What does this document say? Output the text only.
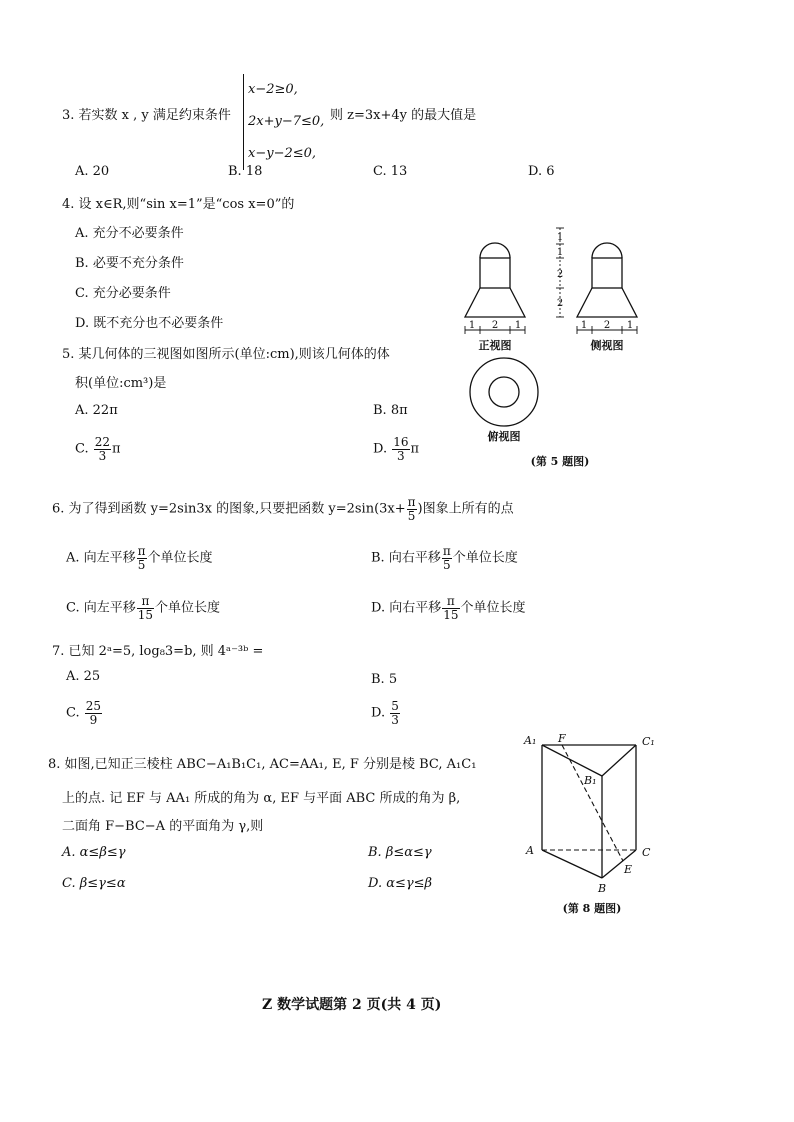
3. 若实数 x , y 满足约束条件
x−2≥0,
2x+y−7≤0,
x−y−2≤0,
则 z=3x+4y 的最大值是
A. 20	B. 18	C. 13	D. 6
4. 设 x∈R,则“sin x=1”是“cos x=0”的
A. 充分不必要条件
B. 必要不充分条件
C. 充分必要条件
D. 既不充分也不必要条件
5. 某几何体的三视图如图所示(单位:cm),则该几何体的体
积(单位:cm³)是
A. 22π	B. 8π
C. $\frac{22}{3}$ π	D. $\frac{16}{3}$ π
1
1
2
2
1 2 1	1 2 1
正视图	侧视图
俯视图
(第 5 题图)
6. 为了得到函数 y=2sin3x 的图象,只要把函数 $y=2\sin(3x+ \frac{\pi}{5}$ )图象上所有的点
A. 向左平移 $\frac{\pi}{5}$ 个单位长度	B. 向右平移 $\frac{\pi}{5}$ 个单位长度
C. 向左平移 $\frac{\pi}{15}$ 个单位长度	D. 向右平移 $\frac{\pi}{15}$ 个单位长度
7. 已知 2ᵃ=5, log₈3=b, 则 4ᵃ⁻³ᵇ =
A. 25	B. 5
C. $\frac{25}{9}$	D. $\frac{5}{3}$
8. 如图,已知正三棱柱 ABC−A₁B₁C₁, AC=AA₁, E, F 分别是棱 BC, A₁C₁
上的点. 记 EF 与 AA₁ 所成的角为 α, EF 与平面 ABC 所成的角为 β,
二面角 F−BC−A 的平面角为 γ,则
A. α≤β≤γ	B. β≤α≤γ
C. β≤γ≤α	D. α≤γ≤β
A₁ F	C₁
B₁
A	C
E
B
(第 8 题图)
Z 数学试题第 2 页(共 4 页)
